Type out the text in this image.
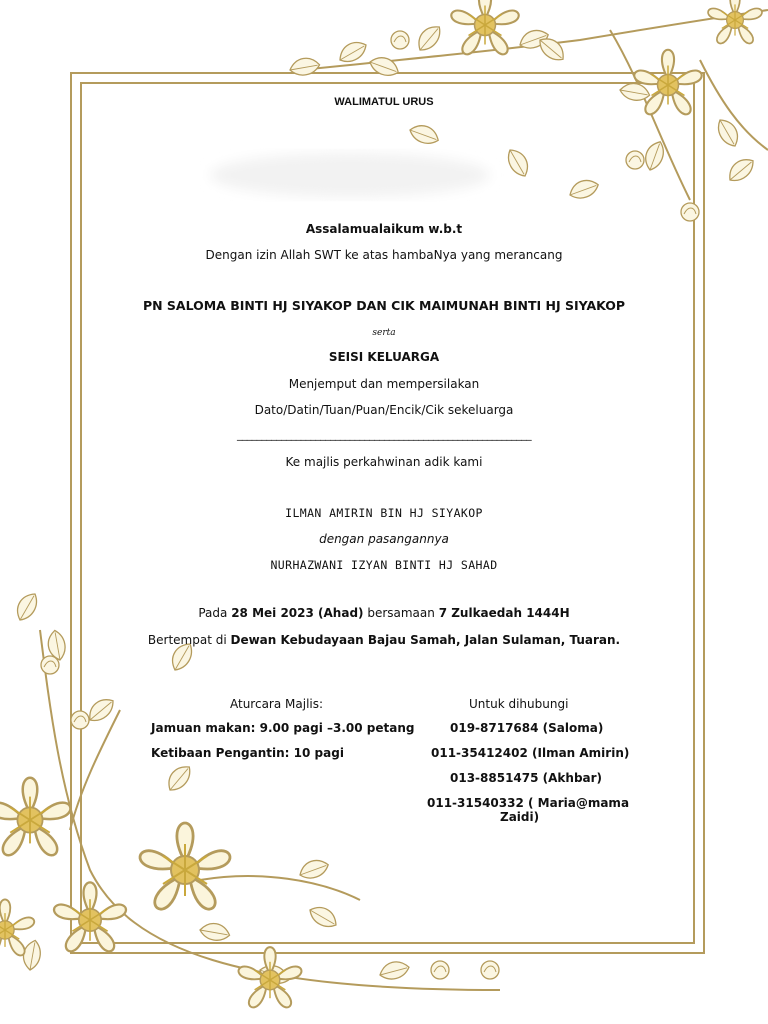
WALIMATUL URUS
Assalamualaikum w.b.t
Dengan izin Allah SWT ke atas hambaNya yang merancang
PN SALOMA BINTI HJ SIYAKOP DAN CIK MAIMUNAH BINTI HJ SIYAKOP
serta
SEISI KELUARGA
Menjemput dan mempersilakan
Dato/Datin/Tuan/Puan/Encik/Cik sekeluarga
____________________________________________________________
Ke majlis perkahwinan adik kami
ILMAN AMIRIN BIN HJ SIYAKOP
dengan pasangannya
NURHAZWANI IZYAN BINTI HJ SAHAD
Pada 28 Mei 2023 (Ahad) bersamaan 7 Zulkaedah 1444H
Bertempat di Dewan Kebudayaan Bajau Samah, Jalan Sulaman, Tuaran.
Aturcara Majlis:
Jamuan makan: 9.00 pagi –3.00 petang
Ketibaan Pengantin: 10 pagi
Untuk dihubungi
019-8717684 (Saloma)
011-35412402 (Ilman Amirin)
013-8851475 (Akhbar)
011-31540332 ( Maria@mama
Zaidi)
